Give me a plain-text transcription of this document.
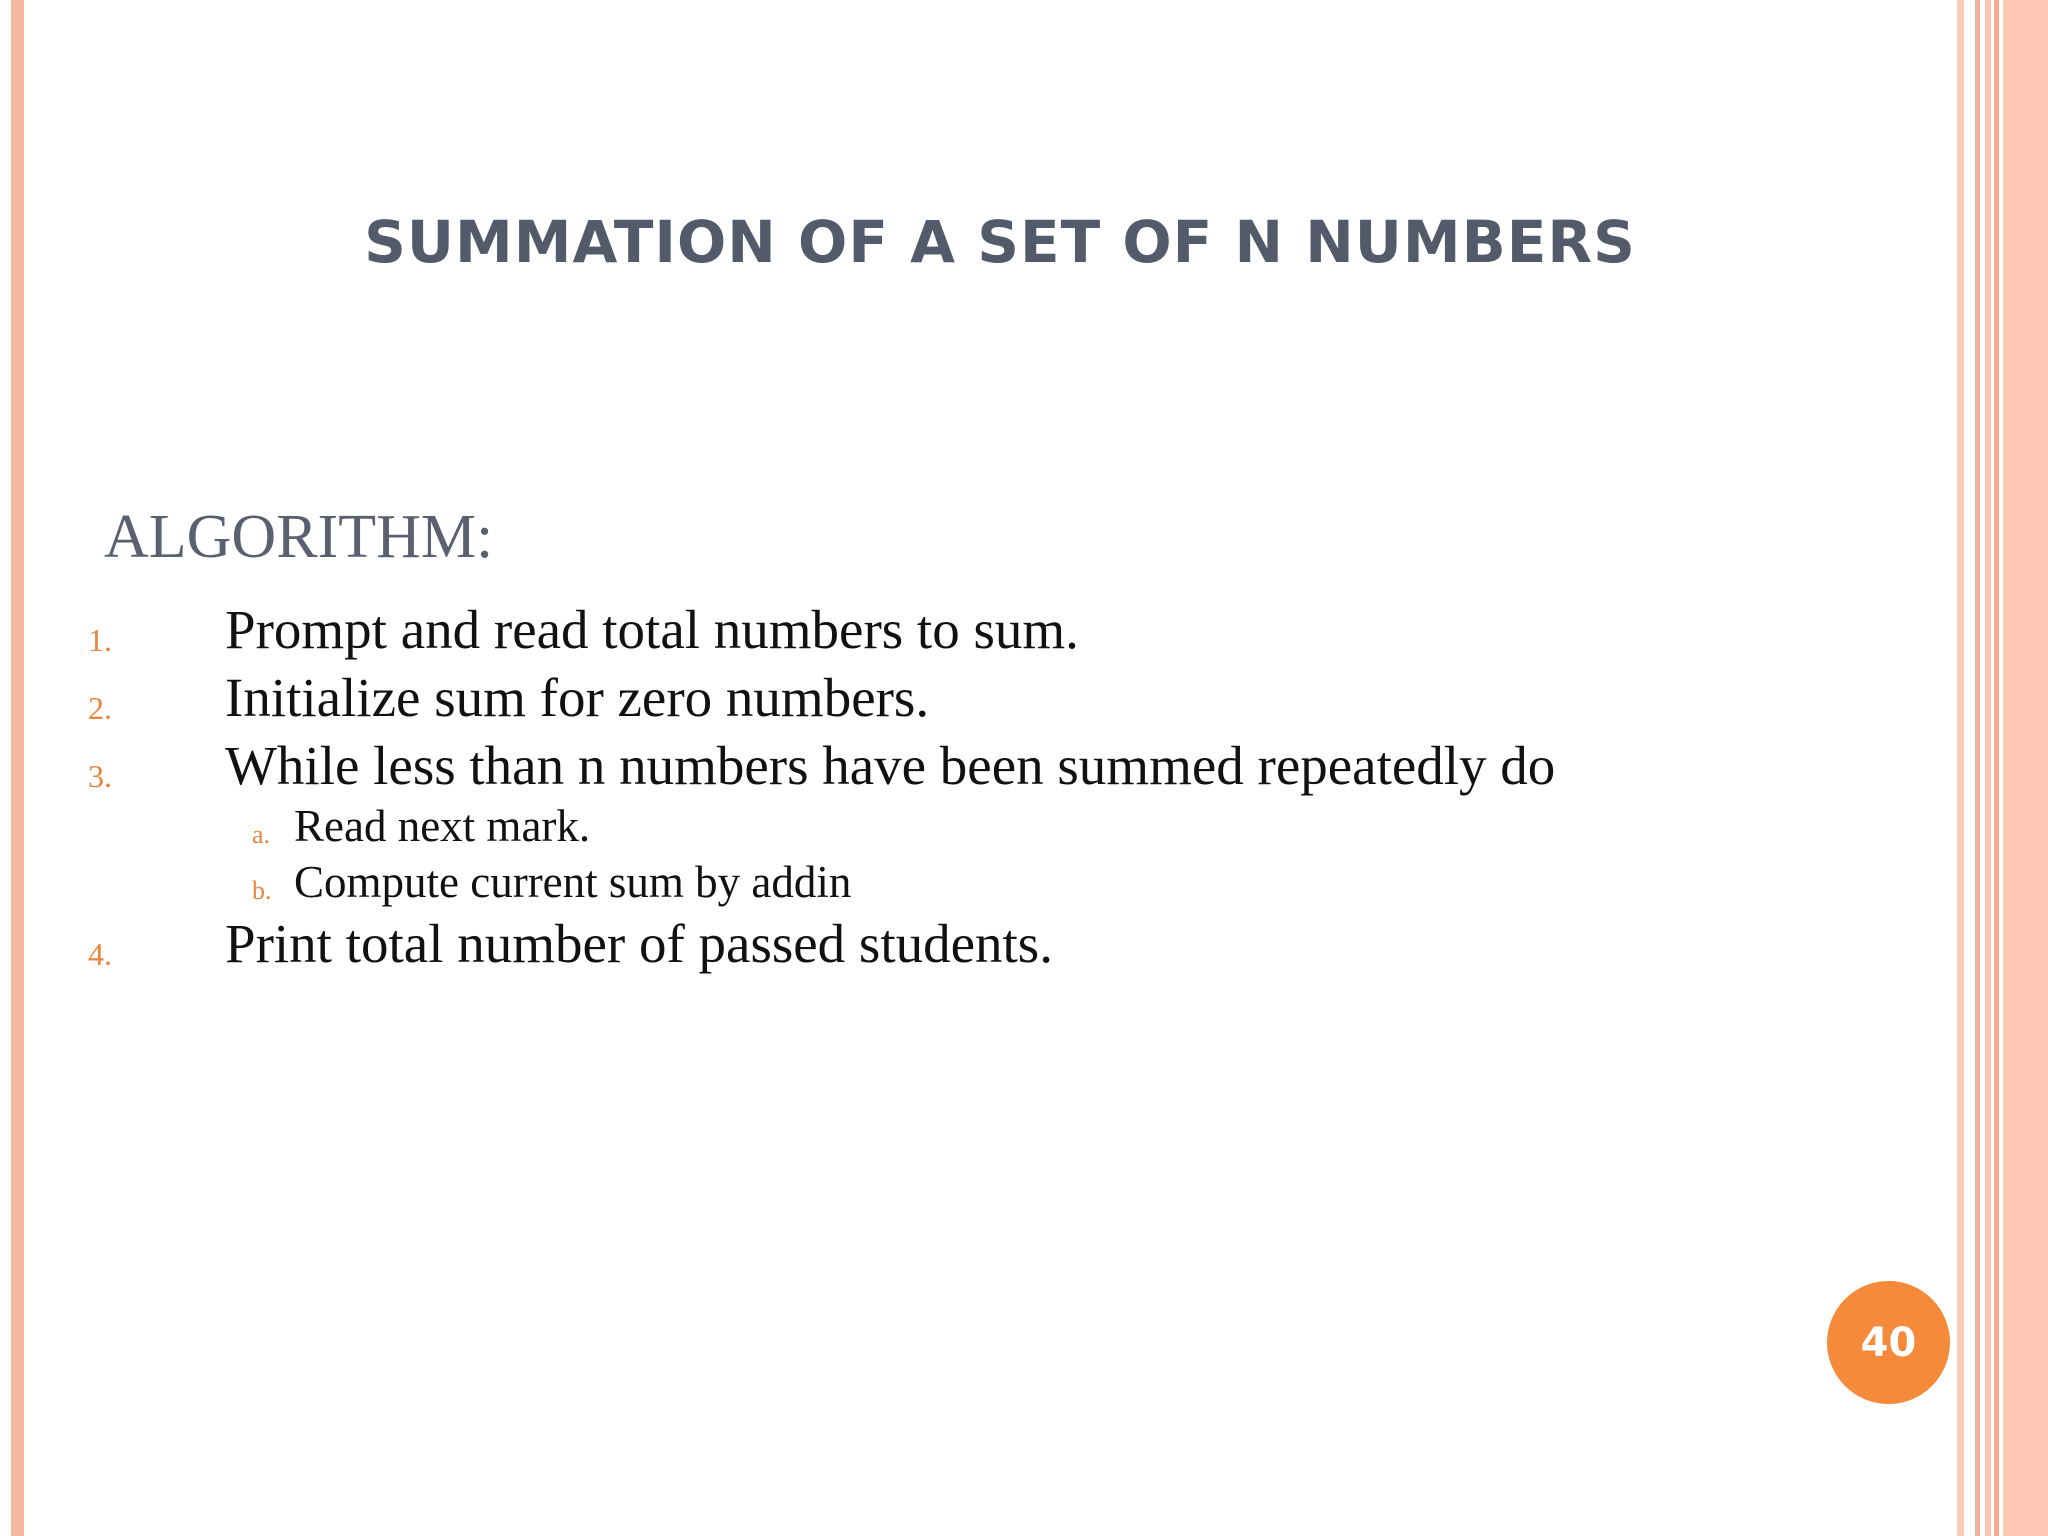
SUMMATION OF A SET OF N NUMBERS
ALGORITHM:
1. Prompt and read total numbers to sum.
2. Initialize sum for zero numbers.
3. While less than n numbers have been summed repeatedly do
a. Read next mark.
b. Compute current sum by addin
4. Print total number of passed students.
40
